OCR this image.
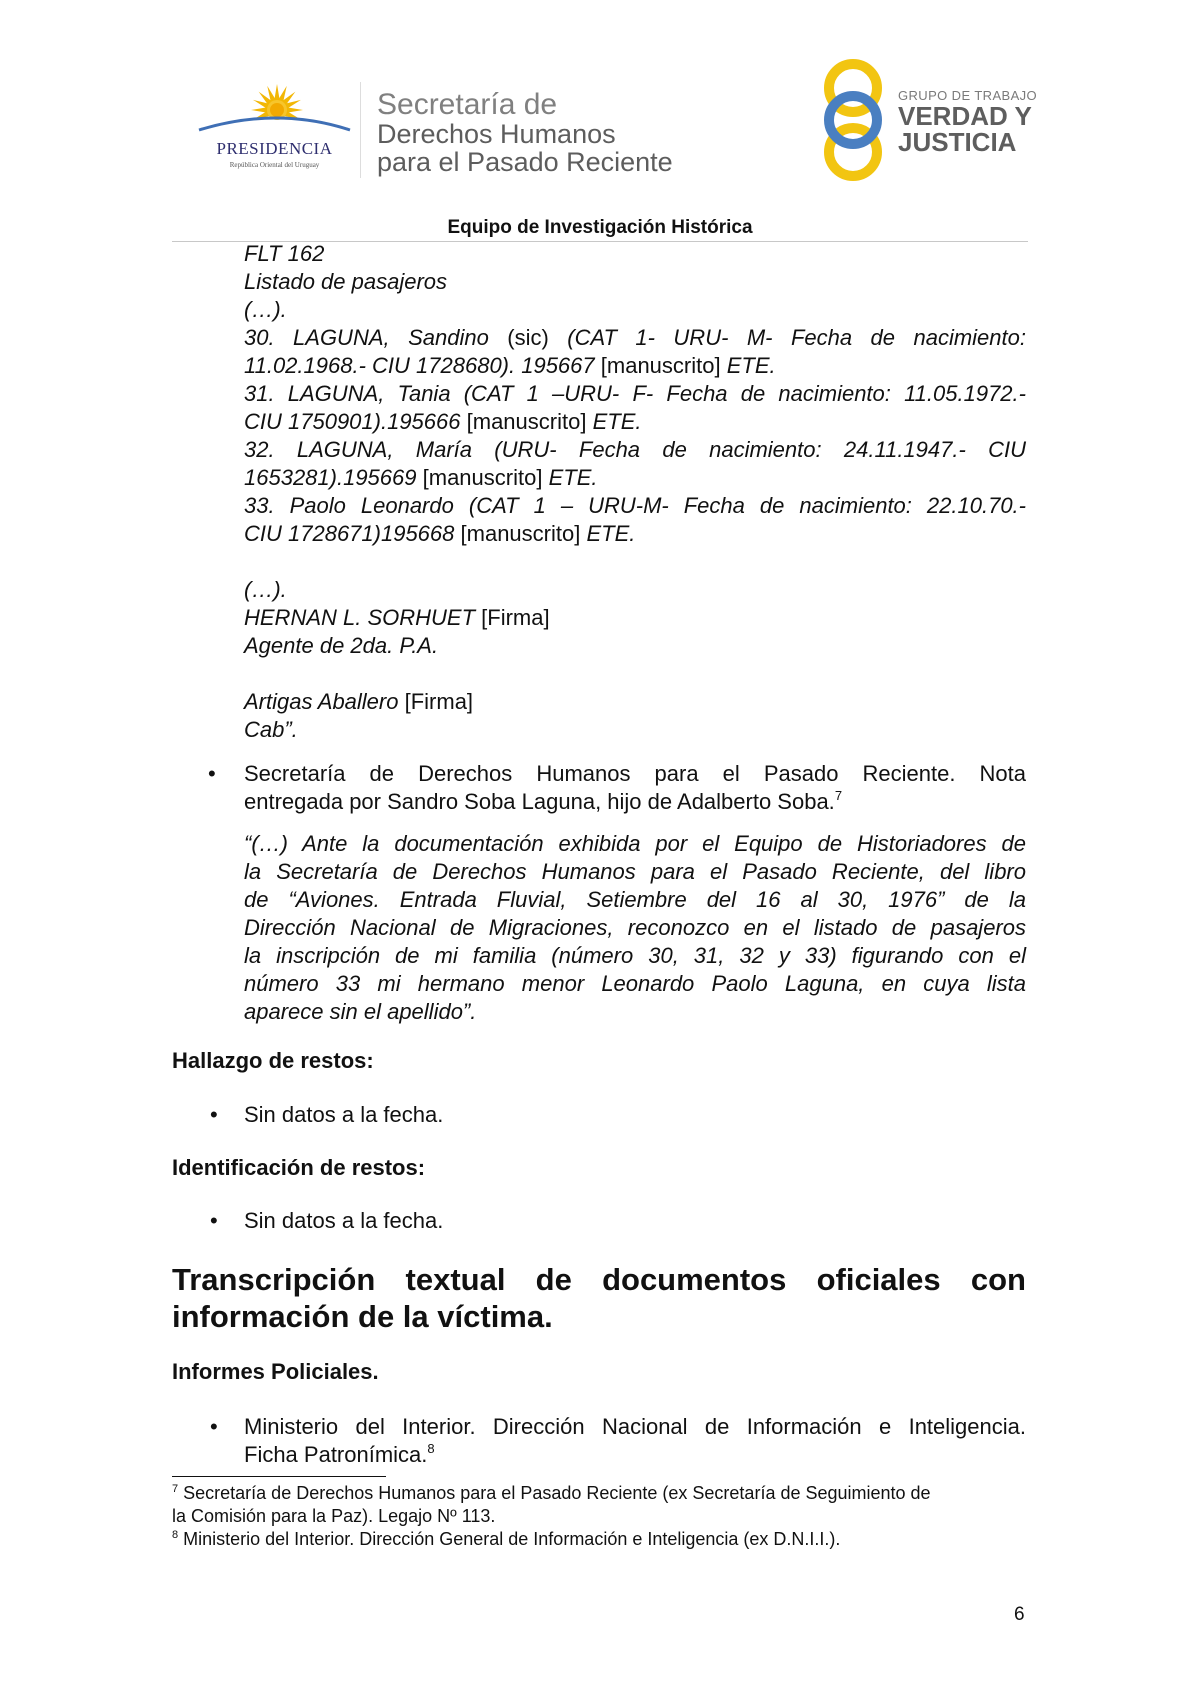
PRESIDENCIA
República Oriental del Uruguay
Secretaría de
Derechos Humanos
para el Pasado Reciente
GRUPO DE TRABAJO
VERDAD Y
JUSTICIA
Equipo de Investigación Histórica
FLT 162
Listado de pasajeros
(…).
30. LAGUNA, Sandino (sic) (CAT 1- URU- M- Fecha de nacimiento:
11.02.1968.- CIU 1728680). 195667 [manuscrito] ETE.
31. LAGUNA, Tania (CAT 1 –URU- F- Fecha de nacimiento: 11.05.1972.-
CIU 1750901).195666 [manuscrito] ETE.
32. LAGUNA, María (URU- Fecha de nacimiento: 24.11.1947.- CIU
1653281).195669 [manuscrito] ETE.
33. Paolo Leonardo (CAT 1 – URU-M- Fecha de nacimiento: 22.10.70.-
CIU 1728671)195668 [manuscrito] ETE.
(…).
HERNAN L. SORHUET [Firma]
Agente de 2da. P.A.
Artigas Aballero [Firma]
Cab”.
• Secretaría de Derechos Humanos para el Pasado Reciente. Nota
entregada por Sandro Soba Laguna, hijo de Adalberto Soba.$^7$
“(…) Ante la documentación exhibida por el Equipo de Historiadores de
la Secretaría de Derechos Humanos para el Pasado Reciente, del libro
de “Aviones. Entrada Fluvial, Setiembre del 16 al 30, 1976” de la
Dirección Nacional de Migraciones, reconozco en el listado de pasajeros
la inscripción de mi familia (número 30, 31, 32 y 33) figurando con el
número 33 mi hermano menor Leonardo Paolo Laguna, en cuya lista
aparece sin el apellido”.
Hallazgo de restos:
• Sin datos a la fecha.
Identificación de restos:
• Sin datos a la fecha.
Transcripción textual de documentos oficiales con
información de la víctima.
Informes Policiales.
• Ministerio del Interior. Dirección Nacional de Información e Inteligencia.
Ficha Patronímica.$^8$
$^7$ Secretaría de Derechos Humanos para el Pasado Reciente (ex Secretaría de Seguimiento de
la Comisión para la Paz). Legajo Nº 113.
$^8$ Ministerio del Interior. Dirección General de Información e Inteligencia (ex D.N.I.I.).
6
